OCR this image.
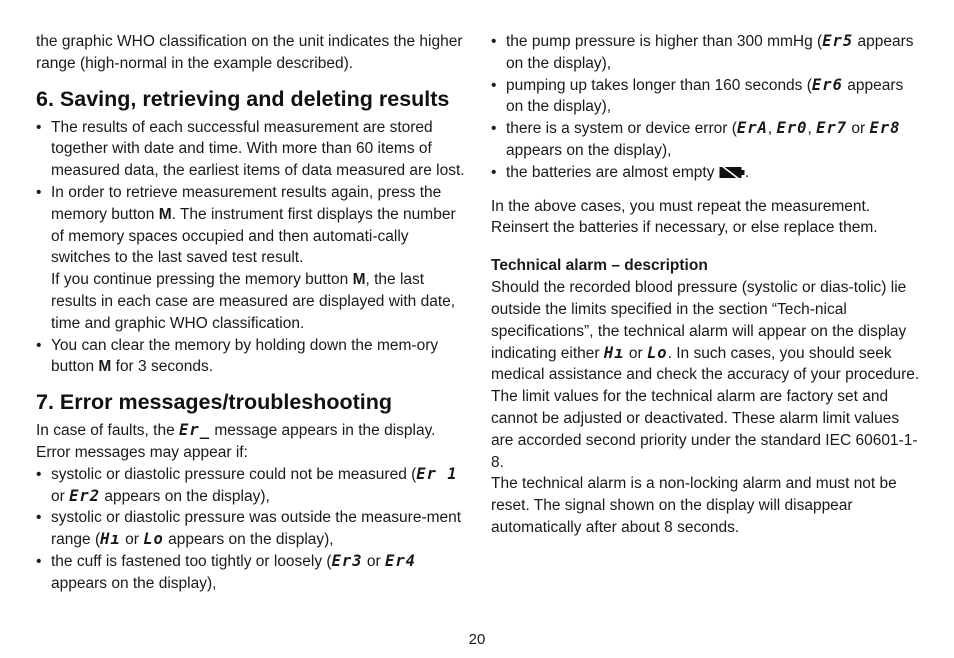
the graphic WHO classification on the unit indicates the higher range (high-normal in the example described).

6. Saving, retrieving and deleting results
• The results of each successful measurement are stored together with date and time. With more than 60 items of measured data, the earliest items of data measured are lost.
• In order to retrieve measurement results again, press the memory button M. The instrument first displays the number of memory spaces occupied and then automati-cally switches to the last saved test result.
If you continue pressing the memory button M, the last results in each case are measured are displayed with date, time and graphic WHO classification.
• You can clear the memory by holding down the mem-ory button M for 3 seconds.
7. Error messages/troubleshooting

In case of faults, the Er_ message appears in the display. Error messages may appear if:

• systolic or diastolic pressure could not be measured (Er 1 or Er2 appears on the display),
• systolic or diastolic pressure was outside the measure-ment range (Hı or Lo appears on the display),
• the cuff is fastened too tightly or loosely (Er3 or Er4 appears on the display),
• the pump pressure is higher than 300 mmHg (Er5 appears on the display),
• pumping up takes longer than 160 seconds (Er6 appears on the display),
• there is a system or device error (ErA, Er0, Er7 or Er8 appears on the display),
• the batteries are almost empty .

In the above cases, you must repeat the measurement. Reinsert the batteries if necessary, or else replace them.

Technical alarm – description

Should the recorded blood pressure (systolic or dias-tolic) lie outside the limits specified in the section “Tech-nical specifications”, the technical alarm will appear on the display indicating either Hı or Lo. In such cases, you should seek medical assistance and check the accuracy of your procedure.

The limit values for the technical alarm are factory set and cannot be adjusted or deactivated. These alarm limit values are accorded second priority under the standard IEC 60601-1-8.

The technical alarm is a non-locking alarm and must not be reset. The signal shown on the display will disappear automatically after about 8 seconds.

20
